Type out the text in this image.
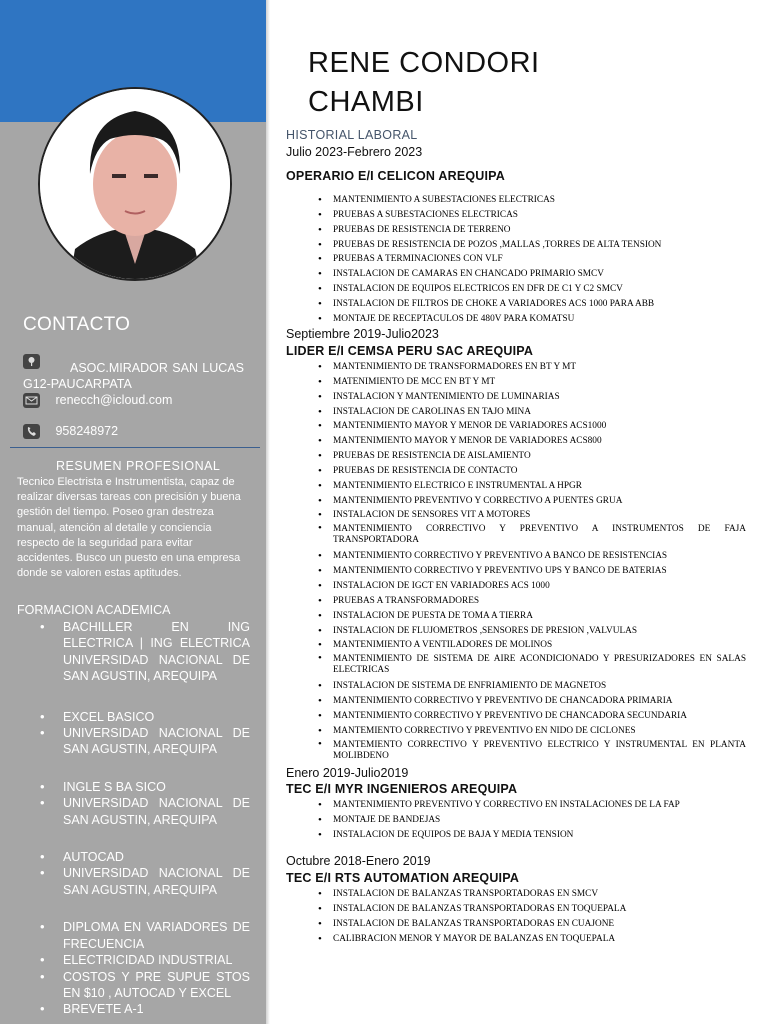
CONTACTO
ASOC.MIRADOR SAN LUCAS
G12-PAUCARPATA
renecch@icloud.com
958248972
RESUMEN PROFESIONAL
Tecnico Electrista e Instrumentista, capaz de realizar diversas tareas con precisión y buena gestión del tiempo. Poseo gran destreza manual, atención al detalle y conciencia respecto de la seguridad para evitar accidentes. Busco un puesto en una empresa donde se valoren estas aptitudes.
FORMACION ACADEMICA
• BACHILLER EN ING ELECTRICA | ING ELECTRICA UNIVERSIDAD NACIONAL DE SAN AGUSTIN, AREQUIPA
• EXCEL BASICO
• UNIVERSIDAD NACIONAL DE SAN AGUSTIN, AREQUIPA
• INGLE S BA SICO
• UNIVERSIDAD NACIONAL DE SAN AGUSTIN, AREQUIPA
• AUTOCAD
• UNIVERSIDAD NACIONAL DE SAN AGUSTIN, AREQUIPA
• DIPLOMA EN VARIADORES DE FRECUENCIA
• ELECTRICIDAD INDUSTRIAL
• COSTOS Y PRE SUPUE STOS EN $10 , AUTOCAD Y EXCEL
• BREVETE A-1
RENE CONDORI
CHAMBI
HISTORIAL LABORAL
Julio 2023-Febrero 2023
OPERARIO E/I CELICON AREQUIPA
• MANTENIMIENTO A SUBESTACIONES ELECTRICAS
• PRUEBAS A SUBESTACIONES ELECTRICAS
• PRUEBAS DE RESISTENCIA DE TERRENO
• PRUEBAS DE RESISTENCIA DE POZOS ,MALLAS ,TORRES DE ALTA TENSION
• PRUEBAS A TERMINACIONES CON VLF
• INSTALACION DE CAMARAS EN CHANCADO PRIMARIO SMCV
• INSTALACION DE EQUIPOS ELECTRICOS EN DFR DE C1 Y C2 SMCV
• INSTALACION DE FILTROS DE CHOKE A VARIADORES ACS 1000 PARA ABB
• MONTAJE DE RECEPTACULOS DE 480V PARA KOMATSU
Septiembre 2019-Julio2023
LIDER E/I CEMSA PERU SAC AREQUIPA
• MANTENIMIENTO DE TRANSFORMADORES EN BT Y MT
• MATENIMIENTO DE MCC EN BT Y MT
• INSTALACION Y MANTENIMIENTO DE LUMINARIAS
• INSTALACION DE CAROLINAS EN TAJO MINA
• MANTENIMIENTO MAYOR Y MENOR DE VARIADORES ACS1000
• MANTENIMIENTO MAYOR Y MENOR DE VARIADORES ACS800
• PRUEBAS DE RESISTENCIA DE AISLAMIENTO
• PRUEBAS DE RESISTENCIA DE CONTACTO
• MANTENIMIENTO ELECTRICO E INSTRUMENTAL A HPGR
• MANTENIMIENTO PREVENTIVO Y CORRECTIVO A PUENTES GRUA
• INSTALACION DE SENSORES VIT A MOTORES
• MANTENIMIENTO CORRECTIVO Y PREVENTIVO A INSTRUMENTOS DE FAJA TRANSPORTADORA
• MANTENIMIENTO CORRECTIVO Y PREVENTIVO A BANCO DE RESISTENCIAS
• MANTENIMIENTO CORRECTIVO Y PREVENTIVO UPS Y BANCO DE BATERIAS
• INSTALACION DE IGCT EN VARIADORES ACS 1000
• PRUEBAS A TRANSFORMADORES
• INSTALACION DE PUESTA DE TOMA A TIERRA
• INSTALACION DE FLUJOMETROS ,SENSORES DE PRESION ,VALVULAS
• MANTENIMIENTO A VENTILADORES DE MOLINOS
• MANTENIMIENTO DE SISTEMA DE AIRE ACONDICIONADO Y PRESURIZADORES EN SALAS ELECTRICAS
• INSTALACION DE SISTEMA DE ENFRIAMIENTO DE MAGNETOS
• MANTENIMIENTO CORRECTIVO Y PREVENTIVO DE CHANCADORA PRIMARIA
• MANTENIMIENTO CORRECTIVO Y PREVENTIVO DE CHANCADORA SECUNDARIA
• MANTEMIENTO CORRECTIVO Y PREVENTIVO EN NIDO DE CICLONES
• MANTEMIENTO CORRECTIVO Y PREVENTIVO ELECTRICO Y INSTRUMENTAL EN PLANTA MOLIBDENO
Enero 2019-Julio2019
TEC E/I MYR INGENIEROS AREQUIPA
• MANTENIMIENTO PREVENTIVO Y CORRECTIVO EN INSTALACIONES DE LA FAP
• MONTAJE DE BANDEJAS
• INSTALACION DE EQUIPOS DE BAJA Y MEDIA TENSION
Octubre 2018-Enero 2019
TEC E/I RTS AUTOMATION AREQUIPA
• INSTALACION DE BALANZAS TRANSPORTADORAS EN SMCV
• INSTALACION DE BALANZAS TRANSPORTADORAS EN TOQUEPALA
• INSTALACION DE BALANZAS TRANSPORTADORAS EN CUAJONE
• CALIBRACION MENOR Y MAYOR DE BALANZAS EN TOQUEPALA
